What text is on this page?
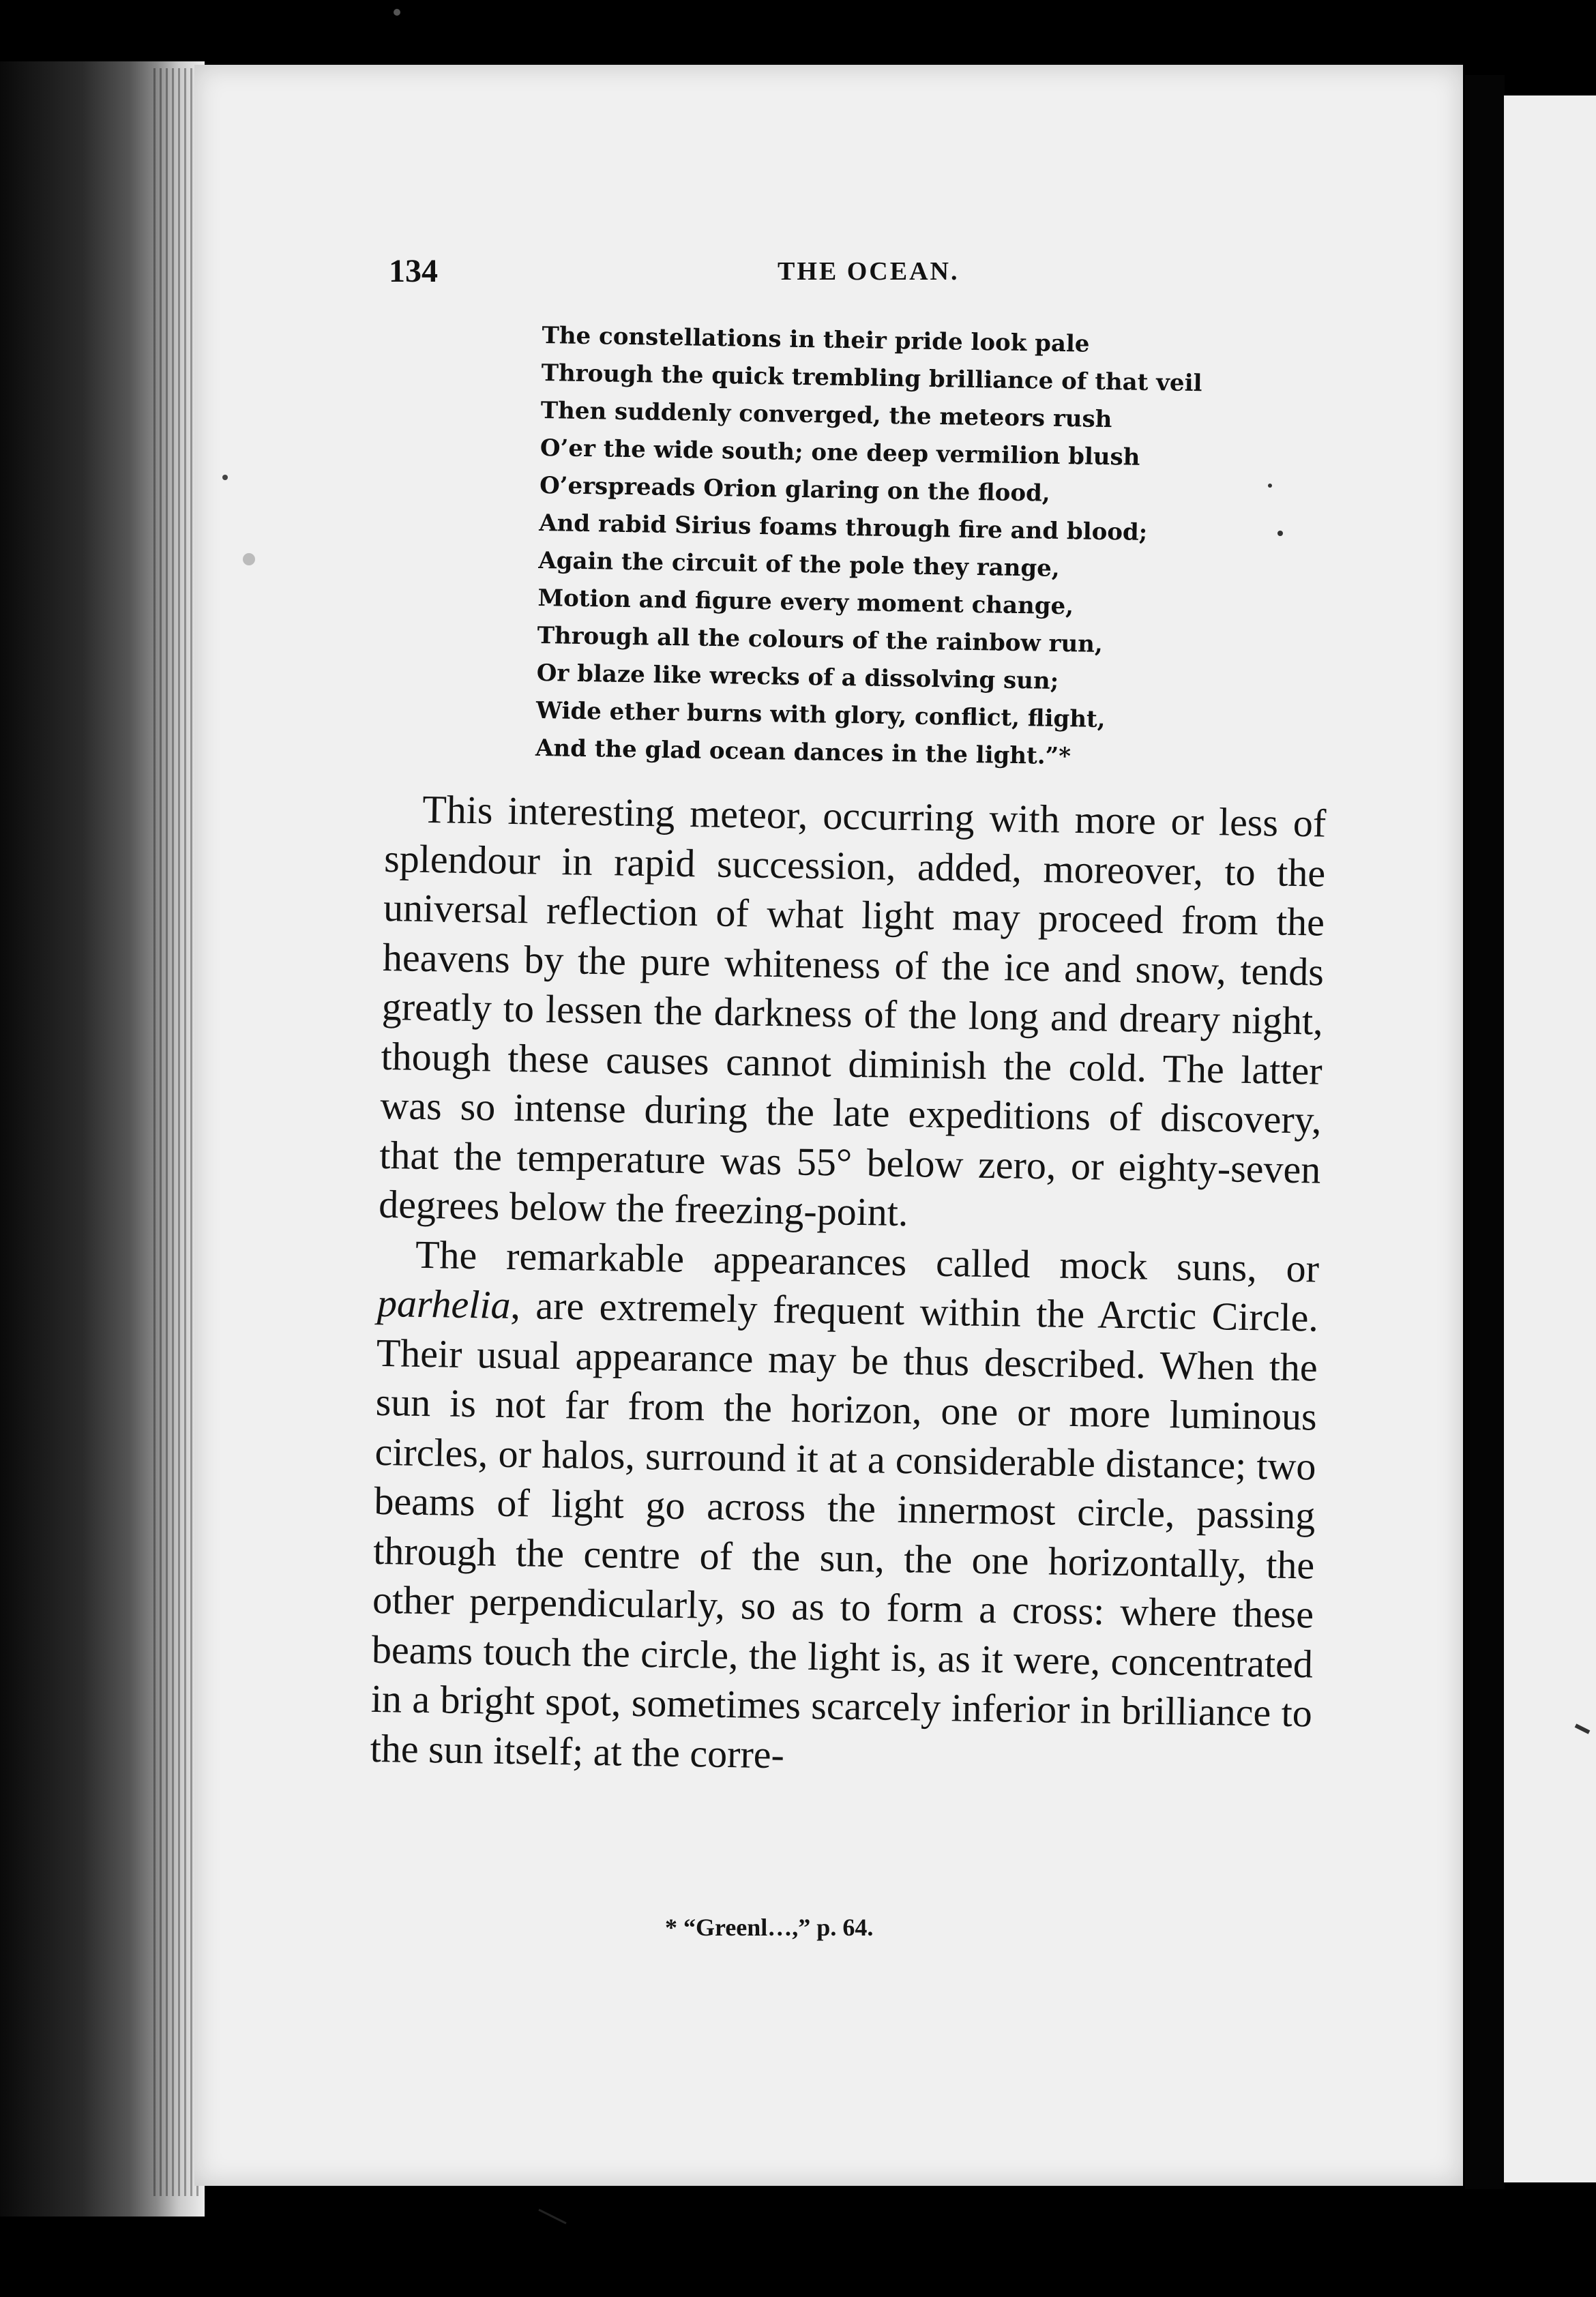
134	THE OCEAN.
The constellations in their pride look pale
Through the quick trembling brilliance of that veil
Then suddenly converged, the meteors rush
O’er the wide south; one deep vermilion blush
O’erspreads Orion glaring on the flood,
And rabid Sirius foams through fire and blood;
Again the circuit of the pole they range,
Motion and figure every moment change,
Through all the colours of the rainbow run,
Or blaze like wrecks of a dissolving sun;
Wide ether burns with glory, conflict, flight,
And the glad ocean dances in the light.”*

This interesting meteor, occurring with more or less of splendour in rapid succession, added, moreover, to the universal reflection of what light may proceed from the heavens by the pure whiteness of the ice and snow, tends greatly to lessen the darkness of the long and dreary night, though these causes cannot diminish the cold. The latter was so intense during the late expeditions of discovery, that the temperature was 55° below zero, or eighty-seven degrees below the freezing-point.

The remarkable appearances called mock suns, or parhelia, are extremely frequent within the Arctic Circle. Their usual appearance may be thus described. When the sun is not far from the horizon, one or more luminous circles, or halos, surround it at a considerable distance; two beams of light go across the innermost circle, passing through the centre of the sun, the one horizontally, the other perpendicularly, so as to form a cross: where these beams touch the circle, the light is, as it were, concentrated in a bright spot, sometimes scarcely inferior in brilliance to the sun itself; at the corre-

* “Greenl…,” p. 64.
